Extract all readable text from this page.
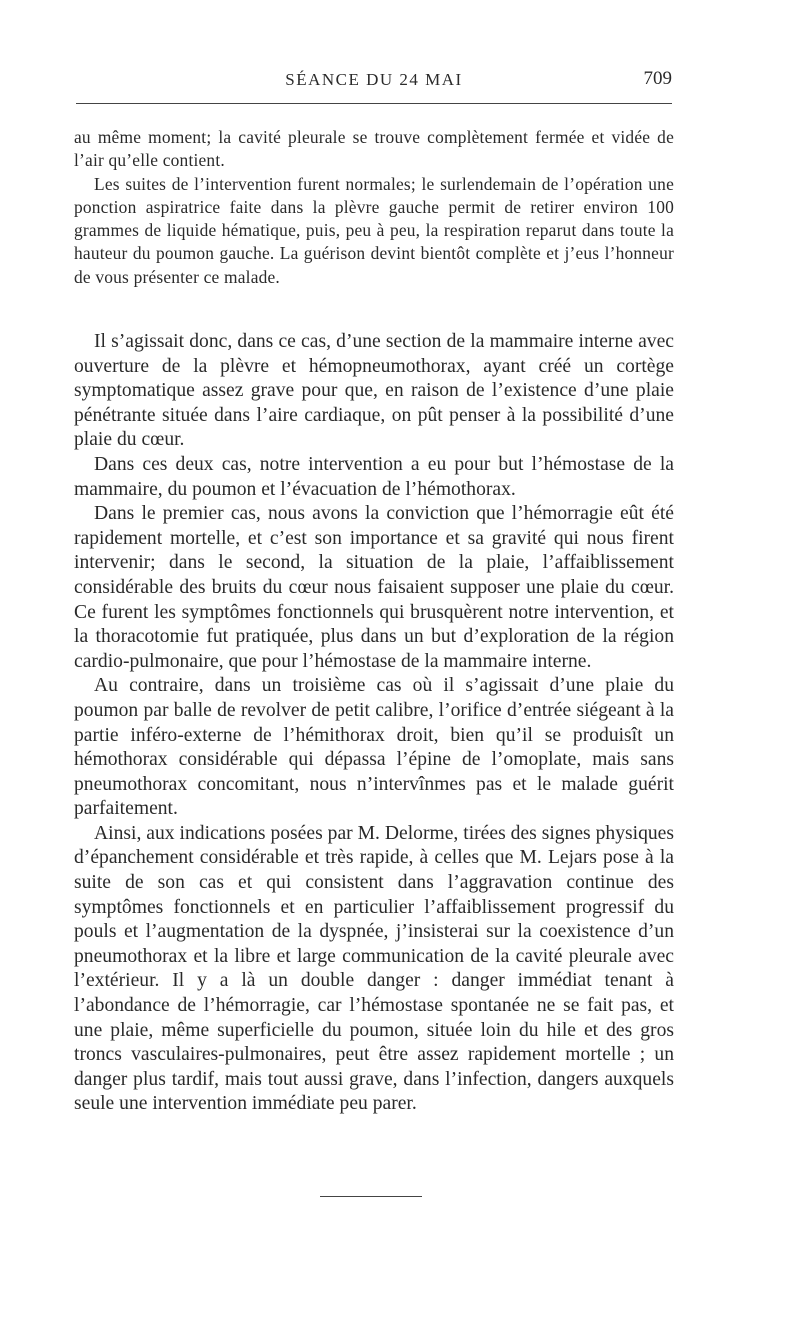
SÉANCE DU 24 MAI	709

au même moment; la cavité pleurale se trouve complètement fermée et vidée de l’air qu’elle contient.

Les suites de l’intervention furent normales; le surlendemain de l’opération une ponction aspiratrice faite dans la plèvre gauche permit de retirer environ 100 grammes de liquide hématique, puis, peu à peu, la respiration reparut dans toute la hauteur du poumon gauche. La guérison devint bientôt complète et j’eus l’honneur de vous présenter ce malade.

Il s’agissait donc, dans ce cas, d’une section de la mammaire interne avec ouverture de la plèvre et hémopneumothorax, ayant créé un cortège symptomatique assez grave pour que, en raison de l’existence d’une plaie pénétrante située dans l’aire cardiaque, on pût penser à la possibilité d’une plaie du cœur.

Dans ces deux cas, notre intervention a eu pour but l’hémostase de la mammaire, du poumon et l’évacuation de l’hémothorax.

Dans le premier cas, nous avons la conviction que l’hémorragie eût été rapidement mortelle, et c’est son importance et sa gravité qui nous firent intervenir; dans le second, la situation de la plaie, l’affaiblissement considérable des bruits du cœur nous faisaient supposer une plaie du cœur. Ce furent les symptômes fonctionnels qui brusquèrent notre intervention, et la thoracotomie fut pratiquée, plus dans un but d’exploration de la région cardio-pulmonaire, que pour l’hémostase de la mammaire interne.

Au contraire, dans un troisième cas où il s’agissait d’une plaie du poumon par balle de revolver de petit calibre, l’orifice d’entrée siégeant à la partie inféro-externe de l’hémithorax droit, bien qu’il se produisît un hémothorax considérable qui dépassa l’épine de l’omoplate, mais sans pneumothorax concomitant, nous n’intervînmes pas et le malade guérit parfaitement.

Ainsi, aux indications posées par M. Delorme, tirées des signes physiques d’épanchement considérable et très rapide, à celles que M. Lejars pose à la suite de son cas et qui consistent dans l’aggravation continue des symptômes fonctionnels et en particulier l’affaiblissement progressif du pouls et l’augmentation de la dyspnée, j’insisterai sur la coexistence d’un pneumothorax et la libre et large communication de la cavité pleurale avec l’extérieur. Il y a là un double danger : danger immédiat tenant à l’abondance de l’hémorragie, car l’hémostase spontanée ne se fait pas, et une plaie, même superficielle du poumon, située loin du hile et des gros troncs vasculaires-pulmonaires, peut être assez rapidement mortelle ; un danger plus tardif, mais tout aussi grave, dans l’infection, dangers auxquels seule une intervention immédiate peu parer.
